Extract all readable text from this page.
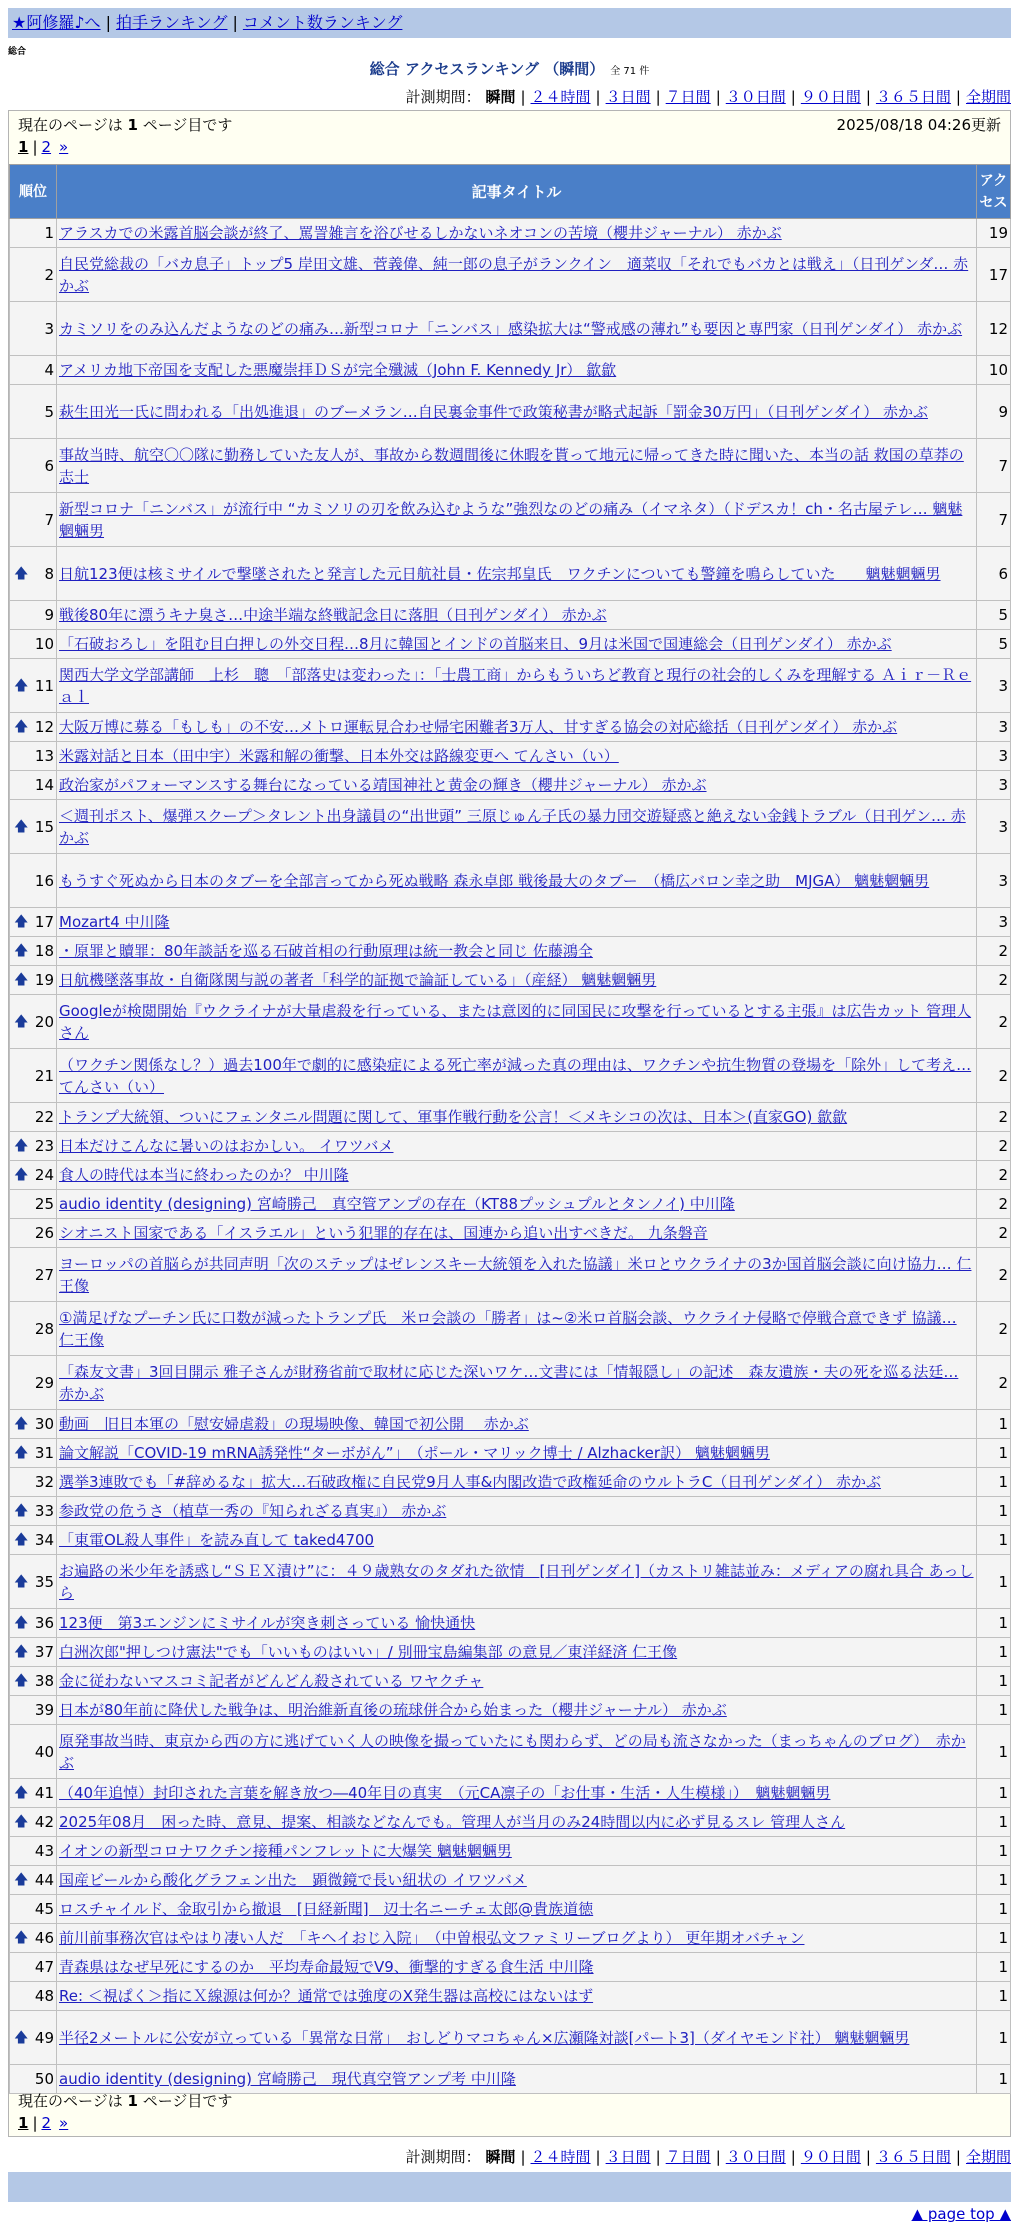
★阿修羅♪へ | 拍手ランキング | コメント数ランキング
総合
総合 アクセスランキング （瞬間） 全 71 件
計測期間： 瞬間 | ２４時間 | ３日間 | ７日間 | ３０日間 | ９０日間 | ３６５日間 | 全期間
現在のページは 1 ページ目です	2025/08/18 04:26更新
1 | 2 »
順位	記事タイトル	アクセス
1	アラスカでの米露首脳会談が終了、罵詈雑言を浴びせるしかないネオコンの苦境（櫻井ジャーナル） 赤かぶ	19
2	自民党総裁の「バカ息子」トップ5 岸田文雄、菅義偉、純一郎の息子がランクイン　適菜収「それでもバカとは戦え」（日刊ゲンダ… 赤かぶ	17
3	カミソリをのみ込んだようなのどの痛み…新型コロナ「ニンバス」感染拡大は“警戒感の薄れ”も要因と専門家（日刊ゲンダイ） 赤かぶ	12
4	アメリカ地下帝国を支配した悪魔崇拝ＤＳが完全殲滅（John F. Kennedy Jr） 歙歙	10
5	萩生田光一氏に問われる「出処進退」のブーメラン…自民裏金事件で政策秘書が略式起訴「罰金30万円」（日刊ゲンダイ） 赤かぶ	9
6	事故当時、航空〇〇隊に勤務していた友人が、事故から数週間後に休暇を貰って地元に帰ってきた時に聞いた、本当の話 救国の草莽の志士	7
7	新型コロナ「ニンバス」が流行中 “カミソリの刃を飲み込むような”強烈なのどの痛み（イマネタ）（ドデスカ！ch・名古屋テレ… 魑魅魍魎男	7

🡅 8	日航123便は核ミサイルで撃墜されたと発言した元日航社員・佐宗邦皇氏　ワクチンについても警鐘を鳴らしていた　　魑魅魍魎男	6
9	戦後80年に漂うキナ臭さ…中途半端な終戦記念日に落胆（日刊ゲンダイ） 赤かぶ	5
10	「石破おろし」を阻む目白押しの外交日程…8月に韓国とインドの首脳来日、9月は米国で国連総会（日刊ゲンダイ） 赤かぶ	5

🡅 11	関西大学文学部講師　上杉　聰　「部落史は変わった」：「士農工商」からもういちど教育と現行の社会的しくみを理解する Ａｉｒ－Ｒｅａｌ	3

🡅 12	大阪万博に募る「もしも」の不安…メトロ運転見合わせ帰宅困難者3万人、甘すぎる協会の対応総括（日刊ゲンダイ） 赤かぶ	3
13	米露対話と日本（田中宇）米露和解の衝撃、日本外交は路線変更へ てんさい（い）	3
14	政治家がパフォーマンスする舞台になっている靖国神社と黄金の輝き（櫻井ジャーナル） 赤かぶ	3

🡅 15	＜週刊ポスト、爆弾スクープ＞タレント出身議員の“出世頭” 三原じゅん子氏の暴力団交遊疑惑と絶えない金銭トラブル（日刊ゲン… 赤かぶ	3
16	もうすぐ死ぬから日本のタブーを全部言ってから死ぬ戦略 森永卓郎 戦後最大のタブー　（橋広バロン幸之助　MJGA） 魑魅魍魎男	3

🡅 17	Mozart4 中川隆	3

🡅 18	・原罪と贖罪：80年談話を巡る石破首相の行動原理は統一教会と同じ 佐藤鴻全	2

🡅 19	日航機墜落事故・自衛隊関与説の著者「科学的証拠で論証している」（産経） 魑魅魍魎男	2

🡅 20	Googleが検閲開始『ウクライナが大量虐殺を行っている、または意図的に同国民に攻撃を行っているとする主張』は広告カット 管理人さん	2
21	（ワクチン関係なし？）過去100年で劇的に感染症による死亡率が減った真の理由は、ワクチンや抗生物質の登場を「除外」して考え… てんさい（い）	2
22	トランプ大統領、ついにフェンタニル問題に関して、軍事作戦行動を公言！＜メキシコの次は、日本＞(直家GO) 歙歙	2

🡅 23	日本だけこんなに暑いのはおかしい。 イワツバメ	2

🡅 24	食人の時代は本当に終わったのか？ 中川隆	2
25	audio identity (designing) 宮崎勝己　真空管アンプの存在（KT88プッシュプルとタンノイ) 中川隆	2
26	シオニスト国家である「イスラエル」という犯罪的存在は、国連から追い出すべきだ。 九条磐音	2
27	ヨーロッパの首脳らが共同声明「次のステップはゼレンスキー大統領を入れた協議」米ロとウクライナの3か国首脳会談に向け協力… 仁王像	2
28	①満足げなプーチン氏に口数が減ったトランプ氏　米ロ会談の「勝者」は~②米ロ首脳会談、ウクライナ侵略で停戦合意できず 協議… 仁王像	2
29	「森友文書」3回目開示 雅子さんが財務省前で取材に応じた深いワケ…文書には「情報隠し」の記述　森友遺族・夫の死を巡る法廷… 赤かぶ	2

🡅 30	動画　旧日本軍の「慰安婦虐殺」の現場映像、韓国で初公開　 赤かぶ	1

🡅 31	論文解説「COVID-19 mRNA誘発性“ターボがん”」　（ポール・マリック博士 / Alzhacker訳） 魑魅魍魎男	1
32	選挙3連敗でも「#辞めるな」拡大…石破政権に自民党9月人事&内閣改造で政権延命のウルトラC（日刊ゲンダイ） 赤かぶ	1

🡅 33	参政党の危うさ（植草一秀の『知られざる真実』） 赤かぶ	1

🡅 34	「東電OL殺人事件」を読み直して taked4700	1

🡅 35	お遍路の米少年を誘惑し“ＳＥＸ漬け”に：４９歳熟女のタダれた欲情　[日刊ゲンダイ]（カストリ雑誌並み：メディアの腐れ具合 あっしら	1

🡅 36	123便　第3エンジンにミサイルが突き刺さっている 愉快通快	1

🡅 37	白洲次郎"押しつけ憲法"でも「いいものはいい」/ 別冊宝島編集部 の意見／東洋経済 仁王像	1

🡅 38	金に従わないマスコミ記者がどんどん殺されている ワヤクチャ	1
39	日本が80年前に降伏した戦争は、明治維新直後の琉球併合から始まった（櫻井ジャーナル） 赤かぶ	1
40	原発事故当時、東京から西の方に逃げていく人の映像を撮っていたにも関わらず、どの局も流さなかった（まっちゃんのブログ）　赤かぶ	1

🡅 41	（40年追悼）封印された言葉を解き放つ―40年目の真実　（元CA凛子の「お仕事・生活・人生模様」）　魑魅魍魎男	1

🡅 42	2025年08月　困った時、意見、提案、相談などなんでも。管理人が当月のみ24時間以内に必ず見るスレ 管理人さん	1
43	イオンの新型コロナワクチン接種パンフレットに大爆笑 魑魅魍魎男	1

🡅 44	国産ビールから酸化グラフェン出た　顕微鏡で長い紐状の イワツバメ	1
45	ロスチャイルド、金取引から撤退　[日経新聞]　辺士名ニーチェ太郎@貴族道徳	1

🡅 46	前川前事務次官はやはり凄い人だ　「キヘイおじ入院」　（中曽根弘文ファミリーブログより） 更年期オバチャン	1
47	青森県はなぜ早死にするのか　平均寿命最短でV9、衝撃的すぎる食生活 中川隆	1
48	Re: ＜視ぱく＞指にＸ線源は何か？通常では強度のX発生器は高校にはないはず	1

🡅 49	半径2メートルに公安が立っている「異常な日常」　おしどりマコちゃん×広瀬隆対談[パート3]（ダイヤモンド社） 魑魅魍魎男	1
50	audio identity (designing) 宮崎勝己　現代真空管アンプ考 中川隆	1
現在のページは 1 ページ目です
1 | 2 »
計測期間： 瞬間 | ２４時間 | ３日間 | ７日間 | ３０日間 | ９０日間 | ３６５日間 | 全期間
▲ page top ▲
